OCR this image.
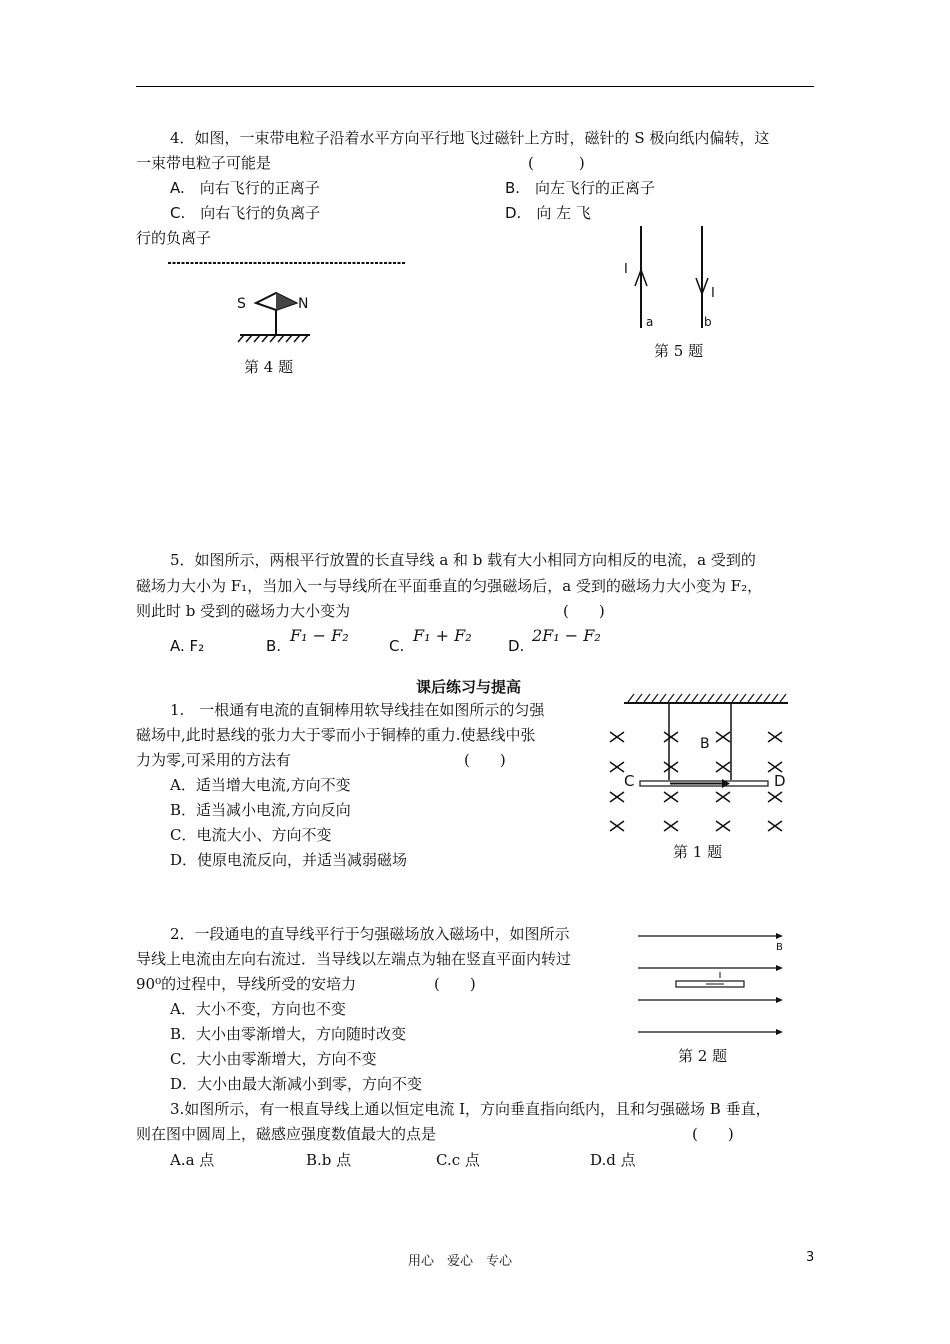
4．如图，一束带电粒子沿着水平方向平行地飞过磁针上方时，磁针的 S 极向纸内偏转，这
一束带电粒子可能是	(　　　)
A.　向右飞行的正离子	B.　向左飞行的正离子
C.　向右飞行的负离子	D.　向 左 飞
行的负离子
S	N
第 4 题
I
I
a	b
第 5 题
5．如图所示，两根平行放置的长直导线 a 和 b 载有大小相同方向相反的电流，a 受到的
磁场力大小为 F₁，当加入一与导线所在平面垂直的匀强磁场后，a 受到的磁场力大小变为 F₂，
则此时 b 受到的磁场力大小变为	(　　)
A. F₂	B.
F₁ − F₂
C.
F₁ + F₂
D.
2F₁ − F₂
课后练习与提高
1.　一根通有电流的直铜棒用软导线挂在如图所示的匀强
磁场中,此时悬线的张力大于零而小于铜棒的重力.使悬线中张
力为零,可采用的方法有	(　　)
A．适当增大电流,方向不变
B．适当减小电流,方向反向
C．电流大小、方向不变
D．使原电流反向，并适当减弱磁场
B
C	D
第 1 题
2．一段通电的直导线平行于匀强磁场放入磁场中，如图所示
导线上电流由左向右流过．当导线以左端点为轴在竖直平面内转过
90⁰的过程中，导线所受的安培力	(　　)
A．大小不变，方向也不变
B．大小由零渐增大，方向随时改变
C．大小由零渐增大，方向不变
D．大小由最大渐减小到零，方向不变
B
第 2 题
3.如图所示，有一根直导线上通以恒定电流 I，方向垂直指向纸内，且和匀强磁场 B 垂直，
则在图中圆周上，磁感应强度数值最大的点是	(　　)
A.a 点	B.b 点	C.c 点	D.d 点
用心　爱心　专心	3
